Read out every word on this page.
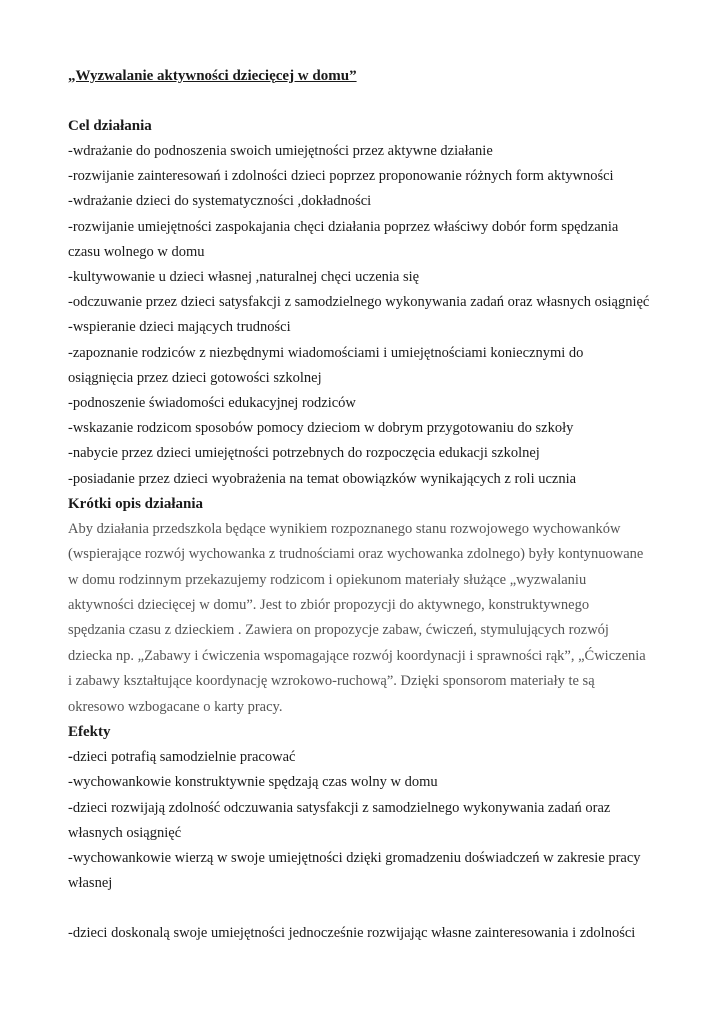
„Wyzwalanie aktywności dziecięcej w domu”
Cel działania
-wdrażanie do podnoszenia swoich umiejętności przez aktywne działanie
-rozwijanie zainteresowań i zdolności dzieci poprzez proponowanie różnych form aktywności
-wdrażanie dzieci do systematyczności ,dokładności
-rozwijanie umiejętności zaspokajania chęci działania poprzez właściwy dobór form spędzania
czasu wolnego w domu
-kultywowanie u dzieci własnej ,naturalnej chęci uczenia się
-odczuwanie przez dzieci satysfakcji z samodzielnego wykonywania zadań oraz własnych osiągnięć
-wspieranie dzieci mających trudności
-zapoznanie rodziców z niezbędnymi wiadomościami i umiejętnościami koniecznymi do
osiągnięcia przez dzieci gotowości szkolnej
-podnoszenie świadomości edukacyjnej rodziców
-wskazanie rodzicom sposobów pomocy dzieciom w dobrym przygotowaniu do szkoły
-nabycie przez dzieci umiejętności potrzebnych do rozpoczęcia edukacji szkolnej
-posiadanie przez dzieci wyobrażenia na temat obowiązków wynikających z roli ucznia
Krótki opis działania
Aby działania przedszkola będące wynikiem rozpoznanego stanu rozwojowego wychowanków
(wspierające rozwój wychowanka z trudnościami oraz wychowanka zdolnego) były kontynuowane
w domu rodzinnym przekazujemy rodzicom i opiekunom materiały służące „wyzwalaniu
aktywności dziecięcej w domu”. Jest to zbiór propozycji do aktywnego, konstruktywnego
spędzania czasu z dzieckiem . Zawiera on propozycje zabaw, ćwiczeń, stymulujących rozwój
dziecka np. „Zabawy i ćwiczenia wspomagające rozwój koordynacji i sprawności rąk”, „Ćwiczenia
i zabawy kształtujące koordynację wzrokowo-ruchową”. Dzięki sponsorom materiały te są
okresowo wzbogacane o karty pracy.
Efekty
-dzieci potrafią samodzielnie pracować
-wychowankowie konstruktywnie spędzają czas wolny w domu
-dzieci rozwijają zdolność odczuwania satysfakcji z samodzielnego wykonywania zadań oraz
własnych osiągnięć
-wychowankowie wierzą w swoje umiejętności dzięki gromadzeniu doświadczeń w zakresie pracy
własnej
-dzieci doskonalą swoje umiejętności jednocześnie rozwijając własne zainteresowania i zdolności
